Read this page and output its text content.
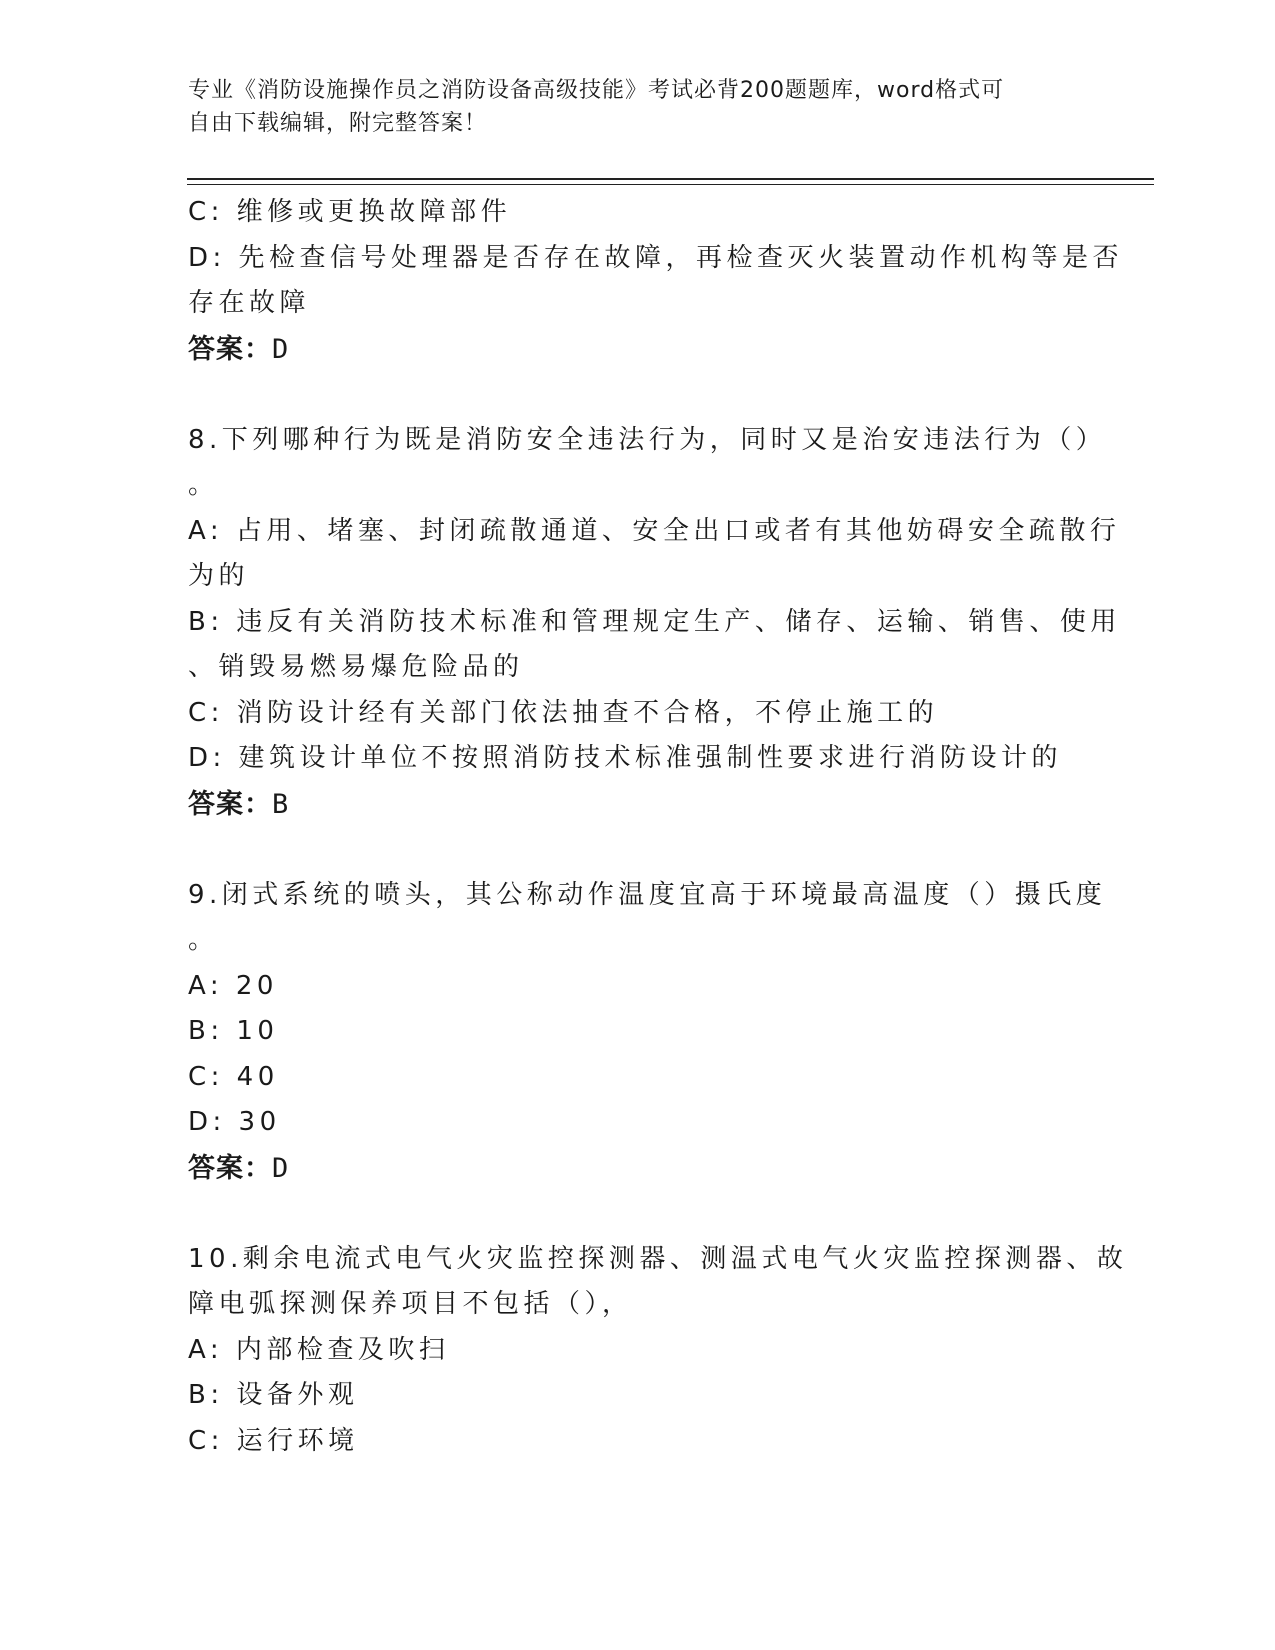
专业《消防设施操作员之消防设备高级技能》考试必背200题题库，word格式可
自由下载编辑，附完整答案！

C: 维修或更换故障部件

D: 先检查信号处理器是否存在故障，再检查灭火装置动作机构等是否

存在故障

答案：D

8.下列哪种行为既是消防安全违法行为，同时又是治安违法行为（）

。

A: 占用、堵塞、封闭疏散通道、安全出口或者有其他妨碍安全疏散行

为的

B: 违反有关消防技术标准和管理规定生产、储存、运输、销售、使用

、销毁易燃易爆危险品的

C: 消防设计经有关部门依法抽查不合格，不停止施工的

D: 建筑设计单位不按照消防技术标准强制性要求进行消防设计的

答案：B

9.闭式系统的喷头，其公称动作温度宜高于环境最高温度（）摄氏度

。

A: 20

B: 10

C: 40

D: 30

答案：D

10.剩余电流式电气火灾监控探测器、测温式电气火灾监控探测器、故

障电弧探测保养项目不包括（），

A: 内部检查及吹扫

B: 设备外观

C: 运行环境
